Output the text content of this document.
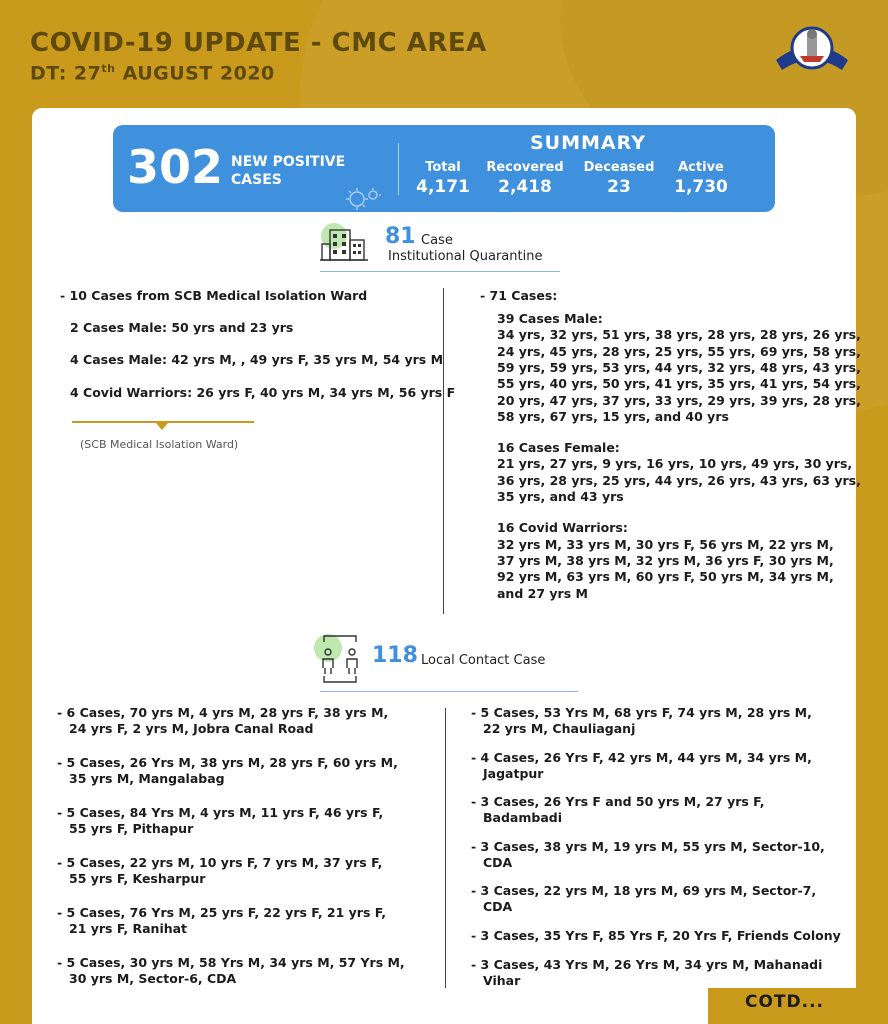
COVID-19 UPDATE - CMC AREA
DT: 27th AUGUST 2020
302 NEW POSITIVE CASES
SUMMARY
Total
4,171
Recovered
2,418
Deceased
23
Active
1,730
81 Case
Institutional Quarantine
- 10 Cases from SCB Medical Isolation Ward
2 Cases Male: 50 yrs and 23 yrs
4 Cases Male: 42 yrs M, , 49 yrs F, 35 yrs M, 54 yrs M
4 Covid Warriors: 26 yrs F, 40 yrs M, 34 yrs M, 56 yrs F
(SCB Medical Isolation Ward)
- 71 Cases:
39 Cases Male:
34 yrs, 32 yrs, 51 yrs, 38 yrs, 28 yrs, 28 yrs, 26 yrs,
24 yrs, 45 yrs, 28 yrs, 25 yrs, 55 yrs, 69 yrs, 58 yrs,
59 yrs, 59 yrs, 53 yrs, 44 yrs, 32 yrs, 48 yrs, 43 yrs,
55 yrs, 40 yrs, 50 yrs, 41 yrs, 35 yrs, 41 yrs, 54 yrs,
20 yrs, 47 yrs, 37 yrs, 33 yrs, 29 yrs, 39 yrs, 28 yrs,
58 yrs, 67 yrs, 15 yrs, and 40 yrs
16 Cases Female:
21 yrs, 27 yrs, 9 yrs, 16 yrs, 10 yrs, 49 yrs, 30 yrs,
36 yrs, 28 yrs, 25 yrs, 44 yrs, 26 yrs, 43 yrs, 63 yrs,
35 yrs, and 43 yrs
16 Covid Warriors:
32 yrs M, 33 yrs M, 30 yrs F, 56 yrs M, 22 yrs M,
37 yrs M, 38 yrs M, 32 yrs M, 36 yrs F, 30 yrs M,
92 yrs M, 63 yrs M, 60 yrs F, 50 yrs M, 34 yrs M,
and 27 yrs M
118 Local Contact Case
- 6 Cases, 70 yrs M, 4 yrs M, 28 yrs F, 38 yrs M,
24 yrs F, 2 yrs M, Jobra Canal Road
- 5 Cases, 26 Yrs M, 38 yrs M, 28 yrs F, 60 yrs M,
35 yrs M, Mangalabag
- 5 Cases, 84 Yrs M, 4 yrs M, 11 yrs F, 46 yrs F,
55 yrs F, Pithapur
- 5 Cases, 22 yrs M, 10 yrs F, 7 yrs M, 37 yrs F,
55 yrs F, Kesharpur
- 5 Cases, 76 Yrs M, 25 yrs F, 22 yrs F, 21 yrs F,
21 yrs F, Ranihat
- 5 Cases, 30 yrs M, 58 Yrs M, 34 yrs M, 57 Yrs M,
30 yrs M, Sector-6, CDA
- 5 Cases, 53 Yrs M, 68 yrs F, 74 yrs M, 28 yrs M,
22 yrs M, Chauliaganj
- 4 Cases, 26 Yrs F, 42 yrs M, 44 yrs M, 34 yrs M,
Jagatpur
- 3 Cases, 26 Yrs F and 50 yrs M, 27 yrs F,
Badambadi
- 3 Cases, 38 yrs M, 19 yrs M, 55 yrs M, Sector-10,
CDA
- 3 Cases, 22 yrs M, 18 yrs M, 69 yrs M, Sector-7,
CDA
- 3 Cases, 35 Yrs F, 85 Yrs F, 20 Yrs F, Friends Colony
- 3 Cases, 43 Yrs M, 26 Yrs M, 34 yrs M, Mahanadi
Vihar
COTD...
